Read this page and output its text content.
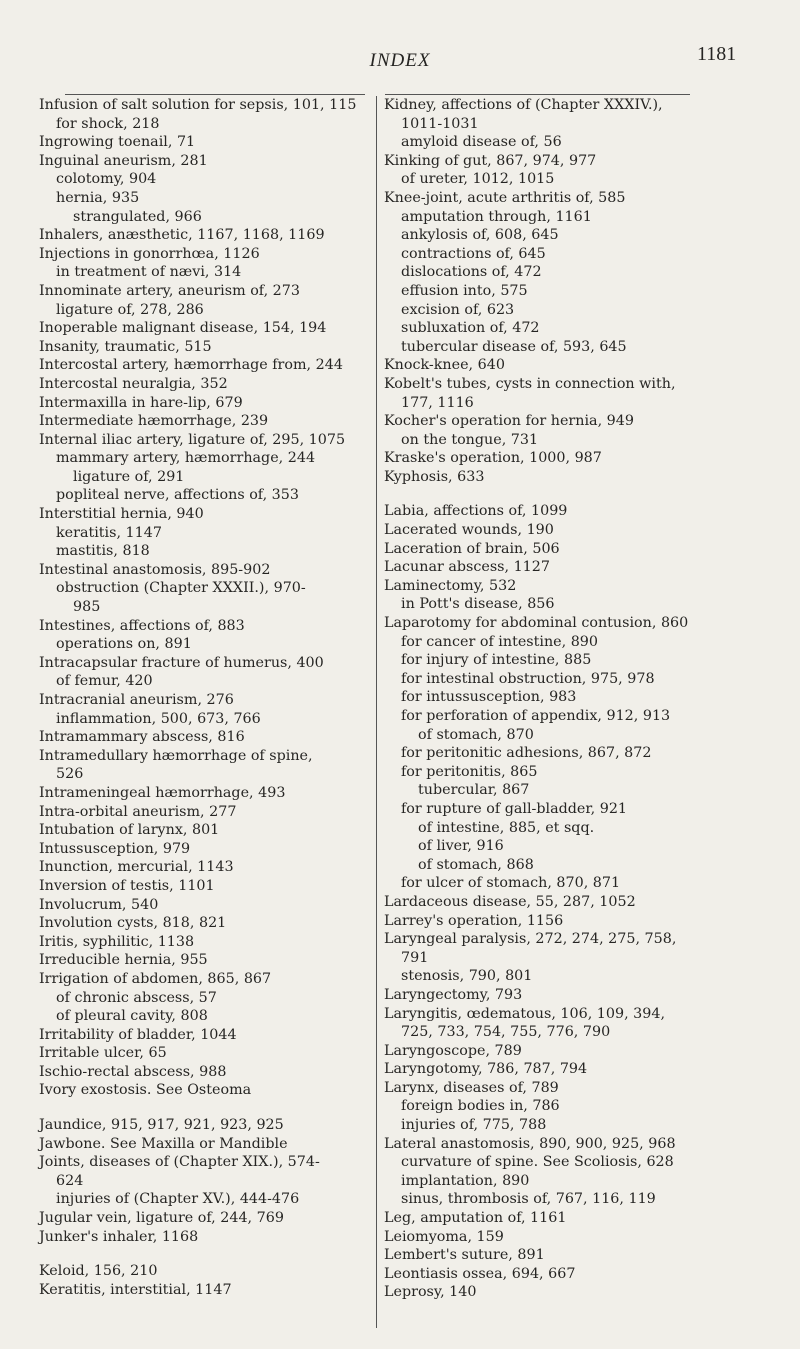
INDEX	1181
Infusion of salt solution for sepsis, 101, 115
for shock, 218
Ingrowing toenail, 71
Inguinal aneurism, 281
colotomy, 904
hernia, 935
strangulated, 966
Inhalers, anæsthetic, 1167, 1168, 1169
Injections in gonorrhœa, 1126
in treatment of nævi, 314
Innominate artery, aneurism of, 273
ligature of, 278, 286
Inoperable malignant disease, 154, 194
Insanity, traumatic, 515
Intercostal artery, hæmorrhage from, 244
Intercostal neuralgia, 352
Intermaxilla in hare-lip, 679
Intermediate hæmorrhage, 239
Internal iliac artery, ligature of, 295, 1075
mammary artery, hæmorrhage, 244
ligature of, 291
popliteal nerve, affections of, 353
Interstitial hernia, 940
keratitis, 1147
mastitis, 818
Intestinal anastomosis, 895-902
obstruction (Chapter XXXII.), 970-
985
Intestines, affections of, 883
operations on, 891
Intracapsular fracture of humerus, 400
of femur, 420
Intracranial aneurism, 276
inflammation, 500, 673, 766
Intramammary abscess, 816
Intramedullary hæmorrhage of spine,
526
Intrameningeal hæmorrhage, 493
Intra-orbital aneurism, 277
Intubation of larynx, 801
Intussusception, 979
Inunction, mercurial, 1143
Inversion of testis, 1101
Involucrum, 540
Involution cysts, 818, 821
Iritis, syphilitic, 1138
Irreducible hernia, 955
Irrigation of abdomen, 865, 867
of chronic abscess, 57
of pleural cavity, 808
Irritability of bladder, 1044
Irritable ulcer, 65
Ischio-rectal abscess, 988
Ivory exostosis. See Osteoma
Jaundice, 915, 917, 921, 923, 925
Jawbone. See Maxilla or Mandible
Joints, diseases of (Chapter XIX.), 574-
624
injuries of (Chapter XV.), 444-476
Jugular vein, ligature of, 244, 769
Junker's inhaler, 1168
Keloid, 156, 210
Keratitis, interstitial, 1147
Kidney, affections of (Chapter XXXIV.),
1011-1031
amyloid disease of, 56
Kinking of gut, 867, 974, 977
of ureter, 1012, 1015
Knee-joint, acute arthritis of, 585
amputation through, 1161
ankylosis of, 608, 645
contractions of, 645
dislocations of, 472
effusion into, 575
excision of, 623
subluxation of, 472
tubercular disease of, 593, 645
Knock-knee, 640
Kobelt's tubes, cysts in connection with,
177, 1116
Kocher's operation for hernia, 949
on the tongue, 731
Kraske's operation, 1000, 987
Kyphosis, 633
Labia, affections of, 1099
Lacerated wounds, 190
Laceration of brain, 506
Lacunar abscess, 1127
Laminectomy, 532
in Pott's disease, 856
Laparotomy for abdominal contusion, 860
for cancer of intestine, 890
for injury of intestine, 885
for intestinal obstruction, 975, 978
for intussusception, 983
for perforation of appendix, 912, 913
of stomach, 870
for peritonitic adhesions, 867, 872
for peritonitis, 865
tubercular, 867
for rupture of gall-bladder, 921
of intestine, 885, et sqq.
of liver, 916
of stomach, 868
for ulcer of stomach, 870, 871
Lardaceous disease, 55, 287, 1052
Larrey's operation, 1156
Laryngeal paralysis, 272, 274, 275, 758,
791
stenosis, 790, 801
Laryngectomy, 793
Laryngitis, œdematous, 106, 109, 394,
725, 733, 754, 755, 776, 790
Laryngoscope, 789
Laryngotomy, 786, 787, 794
Larynx, diseases of, 789
foreign bodies in, 786
injuries of, 775, 788
Lateral anastomosis, 890, 900, 925, 968
curvature of spine. See Scoliosis, 628
implantation, 890
sinus, thrombosis of, 767, 116, 119
Leg, amputation of, 1161
Leiomyoma, 159
Lembert's suture, 891
Leontiasis ossea, 694, 667
Leprosy, 140
